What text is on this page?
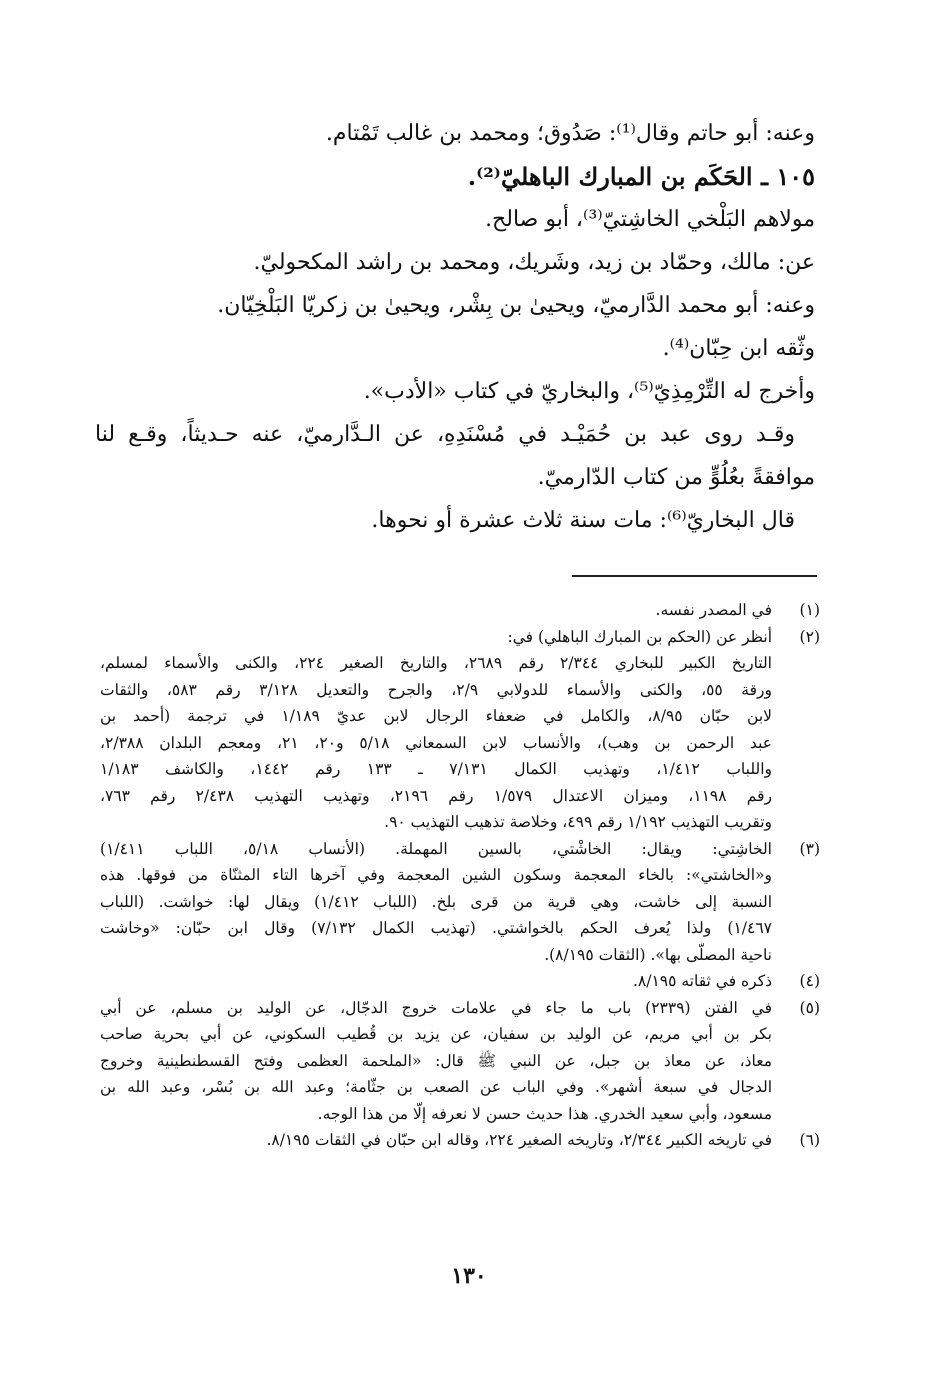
وعنه: أبو حاتم وقال⁽¹⁾: صَدُوق؛ ومحمد بن غالب تَمْتام.
١٠٥ ـ الحَكَم بن المبارك الباهليّ⁽²⁾.
مولاهم البَلْخي الخاشِتيّ⁽³⁾، أبو صالح.
عن: مالك، وحمّاد بن زيد، وشَريك، ومحمد بن راشد المكحوليّ.
وعنه: أبو محمد الدَّارميّ، ويحيىٰ بن بِشْر، ويحيىٰ بن زكريّا البَلْخِيّان.
وثّقه ابن حِبّان⁽⁴⁾.
وأخرج له التِّرْمِذِيّ⁽⁵⁾، والبخاريّ في كتاب «الأدب».
وقـد روى عبد بن حُمَيْـد في مُسْنَدِهِ، عن الـدَّارميّ، عنه حـديثاً، وقـع لنا
موافقةً بعُلُوٍّ من كتاب الدّارميّ.
قال البخاريّ⁽⁶⁾: مات سنة ثلاث عشرة أو نحوها.
(١)
في المصدر نفسه.
(٢)
أنظر عن (الحكم بن المبارك الباهلي) في:
التاريخ الكبير للبخاري ٢/٣٤٤ رقم ٢٦٨٩، والتاريخ الصغير ٢٢٤، والكنى والأسماء لمسلم،
ورقة ٥٥، والكنى والأسماء للدولابي ٢/٩، والجرح والتعديل ٣/١٢٨ رقم ٥٨٣، والثقات
لابن حبّان ٨/٩٥، والكامل في ضعفاء الرجال لابن عديّ ١/١٨٩ في ترجمة (أحمد بن
عبد الرحمن بن وهب)، والأنساب لابن السمعاني ٥/١٨ و٢٠، ٢١، ومعجم البلدان ٢/٣٨٨،
واللباب ١/٤١٢، وتهذيب الكمال ٧/١٣١ ـ ١٣٣ رقم ١٤٤٢، والكاشف ١/١٨٣
رقم ١١٩٨، وميزان الاعتدال ١/٥٧٩ رقم ٢١٩٦، وتهذيب التهذيب ٢/٤٣٨ رقم ٧٦٣،
وتقريب التهذيب ١/١٩٢ رقم ٤٩٩، وخلاصة تذهيب التهذيب ٩٠.
(٣)
الخاشِتي: ويقال: الخاشْتي، بالسين المهملة. (الأنساب ٥/١٨، اللباب ١/٤١١)
و«الخاشتي»: بالخاء المعجمة وسكون الشين المعجمة وفي آخرها التاء المثنّاة من فوقها. هذه
النسبة إلى خاشت، وهي قرية من قرى بلخ. (اللباب ١/٤١٢) ويقال لها: خواشت. (اللباب
١/٤٦٧) ولذا يُعرف الحكم بالخواشتي. (تهذيب الكمال ٧/١٣٢) وقال ابن حبّان: «وخاشت
ناحية المصلّى بها». (الثقات ٨/١٩٥).
(٤)
ذكره في ثقاته ٨/١٩٥.
(٥)
في الفتن (٢٣٣٩) باب ما جاء في علامات خروج الدجّال، عن الوليد بن مسلم، عن أبي
بكر بن أبي مريم، عن الوليد بن سفيان، عن يزيد بن قُطيب السكوني، عن أبي بحرية صاحب
معاذ، عن معاذ بن جبل، عن النبي ﷺ قال: «الملحمة العظمى وفتح القسطنطينية وخروج
الدجال في سبعة أشهر». وفي الباب عن الصعب بن جثّامة؛ وعبد الله بن بُسْر، وعبد الله بن
مسعود، وأبي سعيد الخدري. هذا حديث حسن لا نعرفه إلّا من هذا الوجه.
(٦)
في تاريخه الكبير ٢/٣٤٤، وتاريخه الصغير ٢٢٤، وقاله ابن حبّان في الثقات ٨/١٩٥.
١٣٠
